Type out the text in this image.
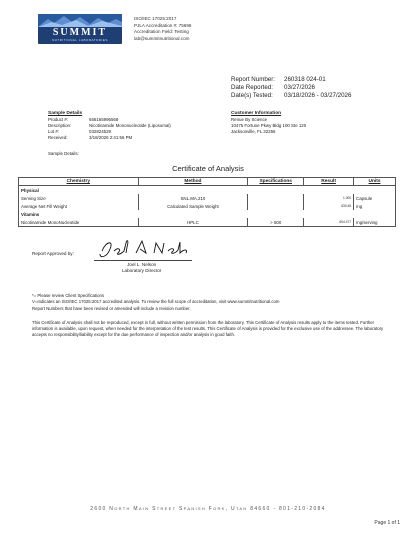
SUMMIT
NUTRITIONAL LABORATORIES
ISO/IEC 17025:2017
PJLA Accreditation #: 75696
Accreditation Field: Testing
lab@summitnutritional.com
Report Number: 260318 024-01
Date Reported: 03/27/2026
Date(s) Tested: 03/18/2026 - 03/27/2026
Sample Details
Product #:	656165996568
Description:	Nicotinamide Mononucleotide (Liposomal)
Lot #:	032824529
Received:	3/18/2026 2:41:56 PM
Sample Details:
Customer Information
Renue By Science
10475 Fortune Pkwy Bldg 100 Ste 120
Jacksonville, FL 32256
Certificate of Analysis
Chemistry	Method	Specifications	Result	Units
Physical				
Serving Size	SNL.MA.210		1.000	Capsule
Average Net Fill Weight	Calculated Sample Weight		630.45	mg
Vitamins				
Nicotinamide MonoNucleotide	HPLC	> 500	604.477	mg/serving
Report Approved by:
Joel L. Nelson
Laboratory Director
*= Please review Client Specifications
V=Indicates an ISO/IEC 17025:2017 accredited analysis. To review the full scope of accreditation, visit www.summitnutritional.com
Report Numbers that have been revised or amended will include a revision number.
This Certificate of Analysis shall not be reproduced, except in full, without written permission from the laboratory. This Certificate of Analysis results apply to the items tested. Further information is available, upon request, when needed for the interpretation of the test results. This Certificate of Analysis is provided for the exclusive use of the addressee. The laboratory accepts no responsibility/liability except for the due performance of inspection and/or analysis in good faith.
2600 North Main Street Spanish Fork, Utah 84660 - 801-210-2084
Page 1 of 1
